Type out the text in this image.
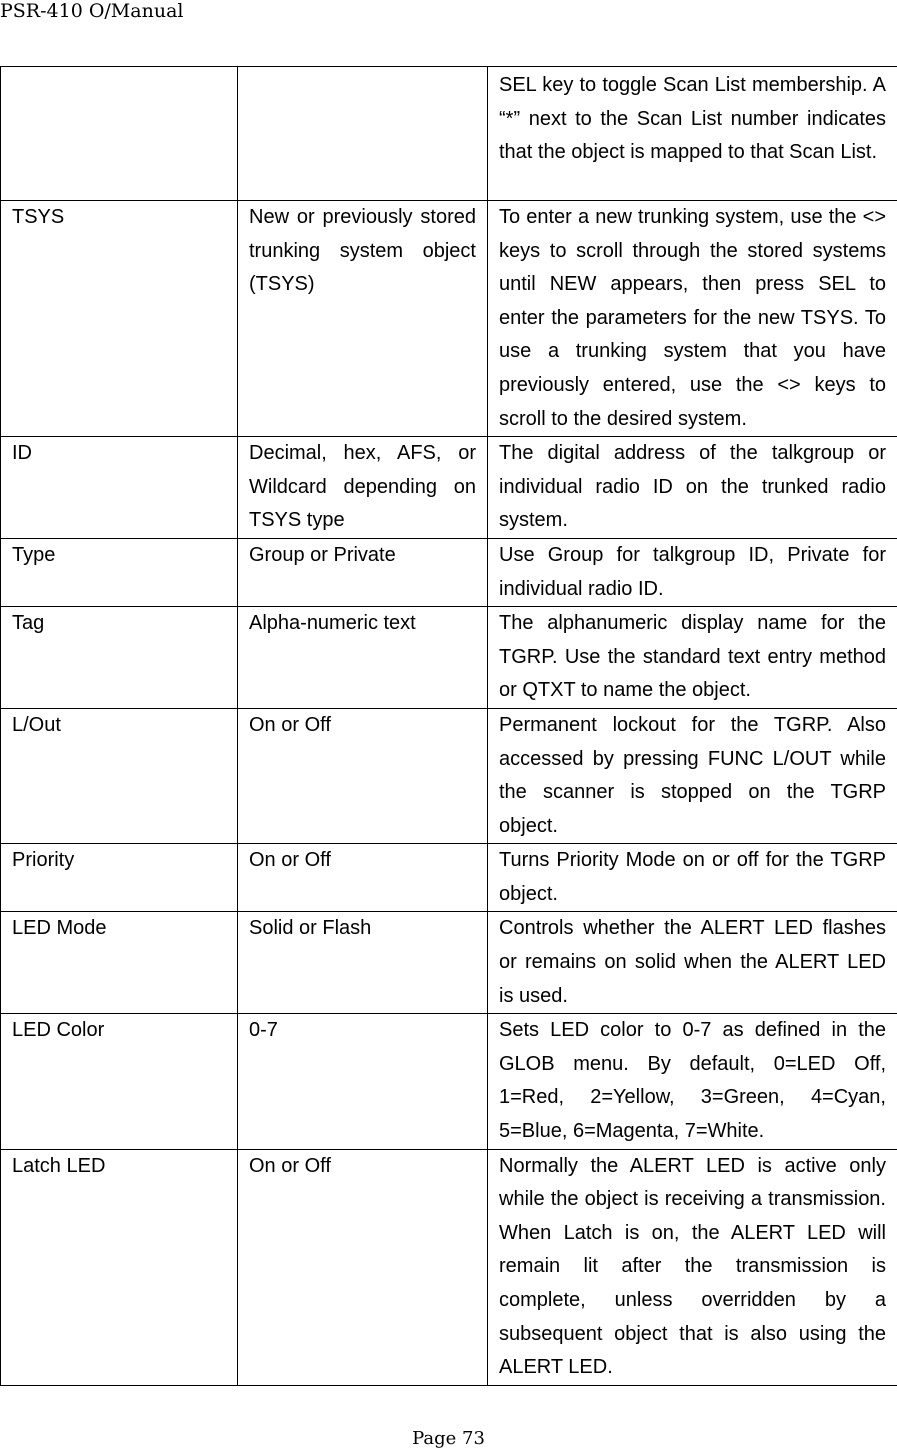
PSR-410 O/Manual
		SEL key to toggle Scan List membership. A “*” next to the Scan List number indicates that the object is mapped to that Scan List.
TSYS	New or previously stored trunking system object (TSYS)	To enter a new trunking system, use the <> keys to scroll through the stored systems until NEW appears, then press SEL to enter the parameters for the new TSYS. To use a trunking system that you have previously entered, use the <> keys to scroll to the desired system.
ID	Decimal, hex, AFS, or Wildcard depending on TSYS type	The digital address of the talkgroup or individual radio ID on the trunked radio system.
Type	Group or Private	Use Group for talkgroup ID, Private for individual radio ID.
Tag	Alpha-numeric text	The alphanumeric display name for the TGRP. Use the standard text entry method or QTXT to name the object.
L/Out	On or Off	Permanent lockout for the TGRP. Also accessed by pressing FUNC L/OUT while the scanner is stopped on the TGRP object.
Priority	On or Off	Turns Priority Mode on or off for the TGRP object.
LED Mode	Solid or Flash	Controls whether the ALERT LED flashes or remains on solid when the ALERT LED is used.
LED Color	0-7	Sets LED color to 0-7 as defined in the GLOB menu. By default, 0=LED Off, 1=Red, 2=Yellow, 3=Green, 4=Cyan, 5=Blue, 6=Magenta, 7=White.
Latch LED	On or Off	Normally the ALERT LED is active only while the object is receiving a transmission. When Latch is on, the ALERT LED will remain lit after the transmission is complete, unless overridden by a subsequent object that is also using the ALERT LED.
Page 73
